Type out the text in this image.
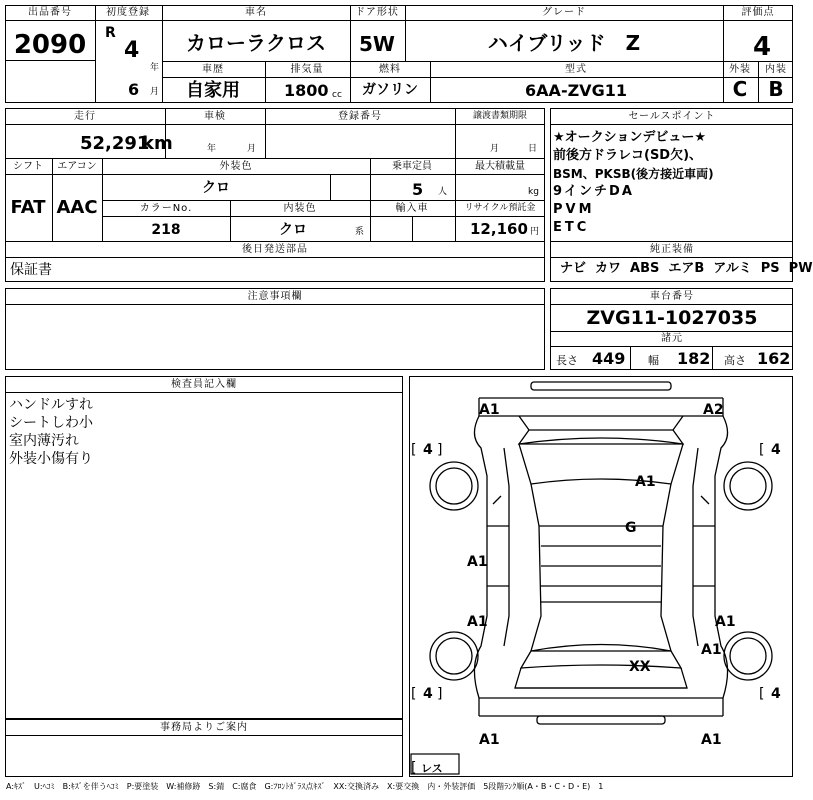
出品番号
2090
初度登録
R
4
年
6 月
車名
カローラクロス
ドア形状
5W
グレード
ハイブリッド　Z
評価点
4
車歴
自家用
排気量
1800 cc
燃料
ガソリン
型式
6AA-ZVG11
外装
C
内装
B
走行
52,291
km
車検
年	月
登録番号	譲渡書類期限
月	日
シフト
FAT
エアコン
AAC
外装色
クロ
乗車定員
5 人
最大積載量
kg
カラーNo.
218
内装色
クロ	系
輸入車	リサイクル預託金
12,160 円
後日発送部品
保証書
セールスポイント
★オークションデビュー★
前後方ドラレコ(SD欠)、
BSM、PKSB(後方接近車両)
9インチDA
PVM
ETC
純正装備
ナビ カワ ABS エアB アルミ PS PW
注意事項欄	車台番号
ZVG11-1027035
諸元
長さ 449 幅 182 高さ 162
検査員記入欄
ハンドルすれ
シートしわ小
室内薄汚れ
外装小傷有り
事務局よりご案内
A1	A2
A1
G
A1
A1	A1
A1
XX
A1	A1
[ 4 ]	[ 4
[ 4 ]	[ 4
[ レス
A:ｷｽﾞ　U:ﾍｺﾐ　B:ｷｽﾞを伴うﾍｺﾐ　P:要塗装　W:補修跡　S:錆　C:腐食　G:ﾌﾛﾝﾄｶﾞﾗｽ点ｷｽﾞ　XX:交換済み　X:要交換　内・外装評価　5段階ﾗﾝｸ順(A・B・C・D・E)　1
